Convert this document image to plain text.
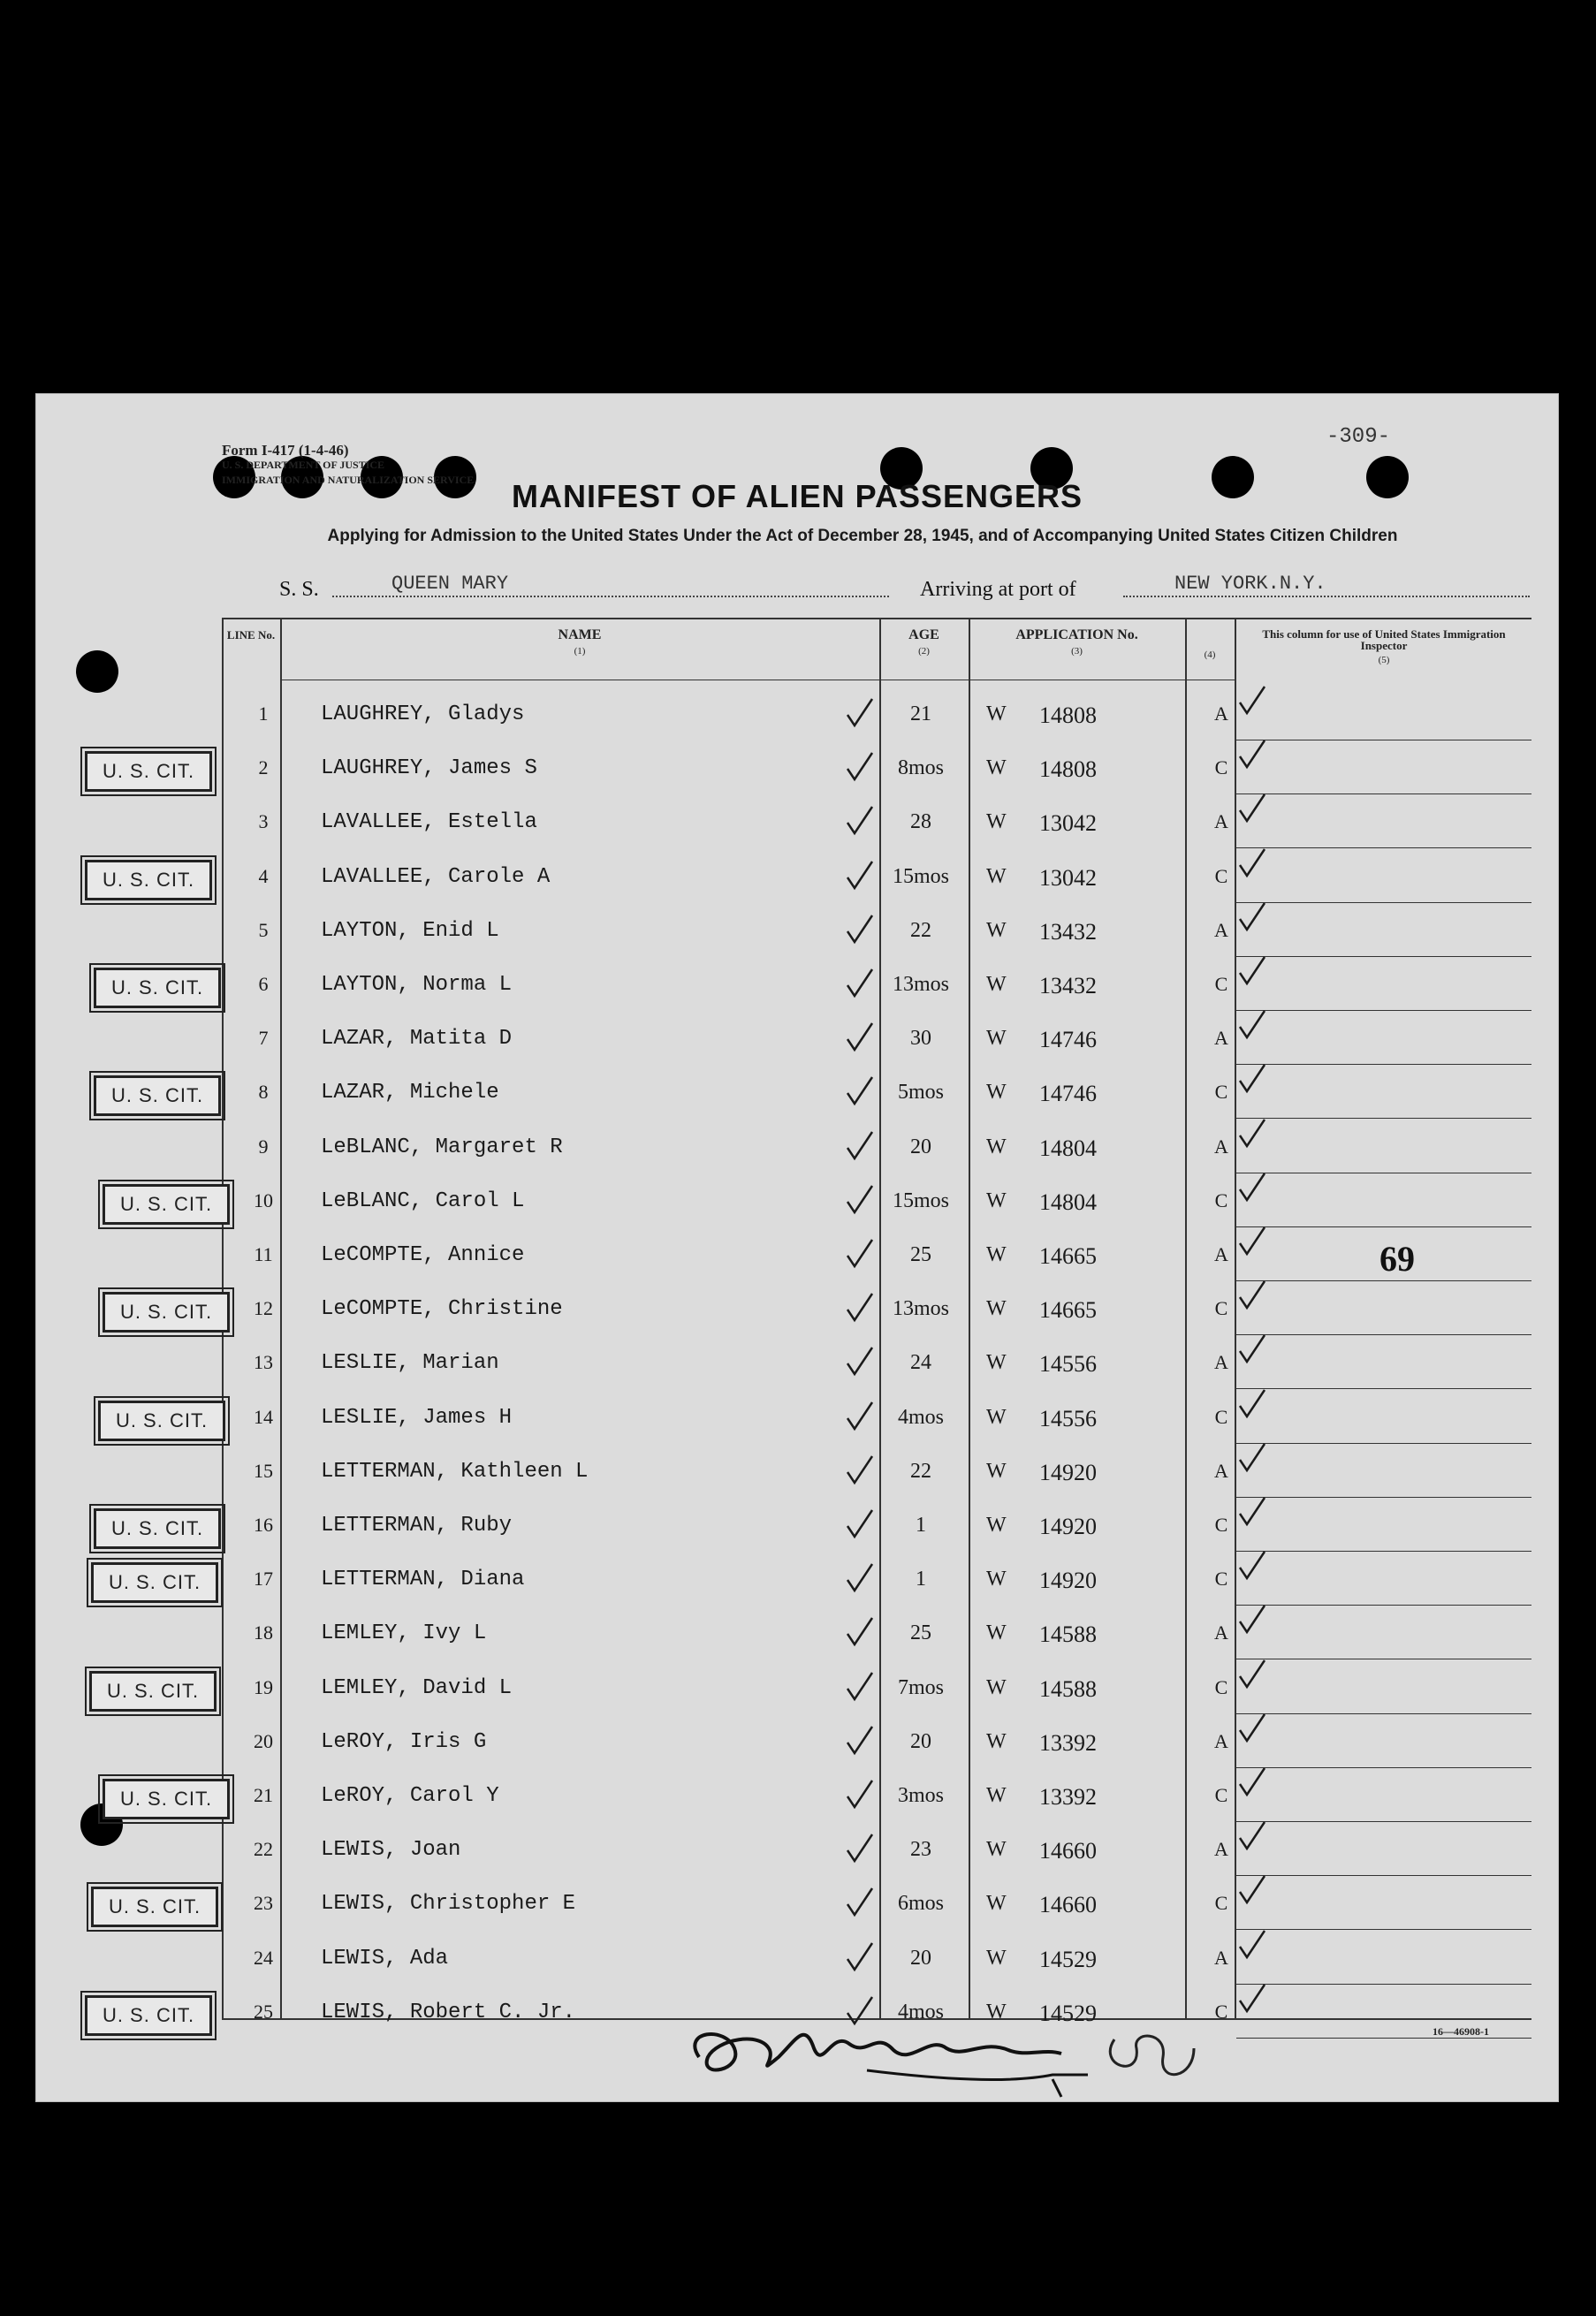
Form I-417 (1-4-46)
U. S. DEPARTMENT OF JUSTICE
IMMIGRATION AND NATURALIZATION SERVICE
-309-
MANIFEST OF ALIEN PASSENGERS
Applying for Admission to the United States Under the Act of December 28, 1945, and of Accompanying United States Citizen Children
S. S.	QUEEN MARY	Arriving at port of	NEW YORK.N.Y.
LINE No.	NAME
(1)
AGE
(2)
APPLICATION No.
(3)	(4)
This column for use of United States Immigration Inspector
(5)
1	LAUGHREY, Gladys	21	W 14808	A
2	LAUGHREY, James S	8mos	W 14808	C
3	LAVALLEE, Estella	28	W 13042	A
4	LAVALLEE, Carole A	15mos	W 13042	C
5	LAYTON, Enid L	22	W 13432	A
6	LAYTON, Norma L	13mos	W 13432	C
7	LAZAR, Matita D	30	W 14746	A
8	LAZAR, Michele	5mos	W 14746	C
9	LeBLANC, Margaret R	20	W 14804	A
10	LeBLANC, Carol L	15mos	W 14804	C
11	LeCOMPTE, Annice	25	W 14665	A
12	LeCOMPTE, Christine	13mos	W 14665	C
13	LESLIE, Marian	24	W 14556	A
14	LESLIE, James H	4mos	W 14556	C
15	LETTERMAN, Kathleen L	22	W 14920	A
16	LETTERMAN, Ruby	1	W 14920	C
17	LETTERMAN, Diana	1	W 14920	C
18	LEMLEY, Ivy L	25	W 14588	A
19	LEMLEY, David L	7mos	W 14588	C
20	LeROY, Iris G	20	W 13392	A
21	LeROY, Carol Y	3mos	W 13392	C
22	LEWIS, Joan	23	W 14660	A
23	LEWIS, Christopher E	6mos	W 14660	C
24	LEWIS, Ada	20	W 14529	A
25	LEWIS, Robert C. Jr.	4mos	W 14529	C
69
U. S. CIT.
U. S. CIT.
U. S. CIT.
U. S. CIT.
U. S. CIT.
U. S. CIT.
U. S. CIT.
U. S. CIT.
U. S. CIT.
U. S. CIT.
U. S. CIT.
U. S. CIT.
U. S. CIT.
16—46908-1
